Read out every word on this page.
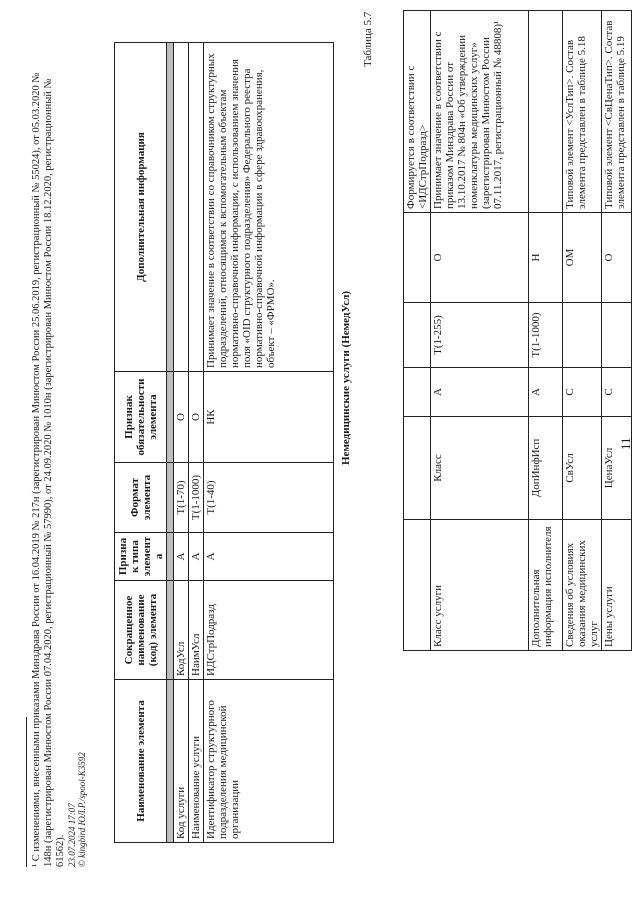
11
					Формируется в соответствии с <ИДСтрПодразд>
Класс услуги	Класс	А	Т(1-255)	О	Принимает значение в соответствии с приказом Минздрава России от 13.10.2017 № 804н «Об утверждении номенклатуры медицинских услуг» (зарегистрирован Минюстом России 07.11.2017, регистрационный № 48808)¹
Дополнительная информация исполнителя	ДопИнфИсп	А	Т(1-1000)	Н	
Сведения об условиях оказания медицинских услуг	СвУсл	С		ОМ	Типовой элемент <УслТип>. Состав элемента представлен в таблице 5.18
Цены услуги	ЦенаУсл	С		О	Типовой элемент <СвЦенаТип>. Состав элемента представлен в таблице 5.19
Таблица 5.7
Немедицинские услуги (НемедУсл)
Наименование элемента	Сокращенное наименование (код) элемента	Признак типа элемента	Формат элемента	Признак обязательности элемента	Дополнительная информация

Код услуги	КодУсл	А	Т(1-70)	О	
Наименование услуги	НаимУсл	А	Т(1-1000)	О	
Идентификатор структурного подразделения медицинской организации	ИДСтрПодразд	А	Т(1-40)	НК	Принимает значение в соответствии со справочником структурных подразделений, относящимся к вспомогательным объектам нормативно-справочной информации, с использованием значения поля «OID структурного подразделения» Федерального реестра нормативно-справочной информации в сфере здравоохранения, объект – «ФРМО».
¹ С изменениями, внесенными приказами Минздрава России от 16.04.2019 № 217н (зарегистрирован Минюстом России 25.06.2019, регистрационный № 55024), от 05.03.2020 № 148н (зарегистрирован Минюстом России 07.04.2020, регистрационный № 57990), от 24.09.2020 № 1010н (зарегистрирован Минюстом России 18.12.2020, регистрационный № 61562). 23.07.2024 17:07 © kingbird ЮЛ.Р./spool-K3592
